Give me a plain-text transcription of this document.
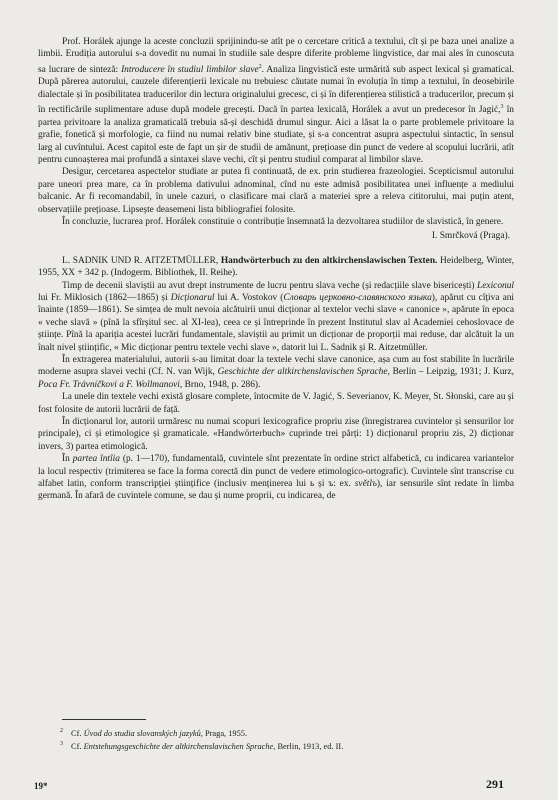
Prof. Horálek ajunge la aceste concluzii sprijinindu-se atît pe o cercetare critică a textului, cît și pe baza unei analize a limbii. Erudiția autorului s-a dovedit nu numai în studiile sale despre diferite probleme lingvistice, dar mai ales în cunoscuta sa lucrare de sinteză: Introducere în studiul limbilor slave$^2$. Analiza lingvistică este urmărită sub aspect lexical și gramatical. După părerea autorului, cauzele diferențierii lexicale nu trebuiesc căutate numai în evoluția în timp a textului, în deosebirile dialectale și în posibilitatea traducerilor din lectura originalului grecesc, ci și în diferențierea stilistică a traducerilor, precum și în rectificările suplimentare aduse după modele grecești. Dacă în partea lexicală, Horálek a avut un predecesor în Jagić,$^3$ în partea privitoare la analiza gramaticală trebuia să-și deschidă drumul singur. Aici a lăsat la o parte problemele privitoare la grafie, fonetică și morfologie, ca fiind nu numai relativ bine studiate, și s-a concentrat asupra aspectului sintactic, în sensul larg al cuvîntului. Acest capitol este de fapt un șir de studii de amănunt, prețioase din punct de vedere al scopului lucrării, atît pentru cunoașterea mai profundă a sintaxei slave vechi, cît și pentru studiul comparat al limbilor slave.

Desigur, cercetarea aspectelor studiate ar putea fi continuată, de ex. prin studierea frazeologiei. Scepticismul autorului pare uneori prea mare, ca în problema dativului adnominal, cînd nu este admisă posibilitatea unei influențe a mediului balcanic. Ar fi recomandabil, în unele cazuri, o clasificare mai clară a materiei spre a releva cititorului, mai puțin atent, observațiile prețioase. Lipsește deasemeni lista bibliografiei folosite.

În concluzie, lucrarea prof. Horálek constituie o contribuție însemnată la dezvoltarea studiilor de slavistică, în genere.

I. Smrčková (Praga).

L. SADNIK UND R. AITZETMÜLLER, Handwörterbuch zu den altkirchenslawischen Texten. Heidelberg, Winter, 1955, XX + 342 p. (Indogerm. Bibliothek, II. Reihe).

Timp de decenii slaviștii au avut drept instrumente de lucru pentru slava veche (și redacțiile slave bisericești) Lexiconul lui Fr. Miklosich (1862—1865) și Dicționarul lui A. Vostokov (Словарь церковно-славянского языка), apărut cu cîțiva ani înainte (1859—1861). Se simțea de mult nevoia alcătuirii unui dicționar al textelor vechi slave « canonice », apărute în epoca « veche slavă » (pînă la sfîrșitul sec. al XI-lea), ceea ce și întreprinde în prezent Institutul slav al Academiei cehoslovace de științe. Pînă la apariția acestei lucrări fundamentale, slaviștii au primit un dicționar de proporții mai reduse, dar alcătuit la un înalt nivel științific, « Mic dicționar pentru textele vechi slave », datorit lui L. Sadnik și R. Aitzetmüller.

În extragerea materialului, autorii s-au limitat doar la textele vechi slave canonice, așa cum au fost stabilite în lucrările moderne asupra slavei vechi (Cf. N. van Wijk, Geschichte der altkirchenslavischen Sprache, Berlin – Leipzig, 1931; J. Kurz, Poca Fr. Trávníčkovi a F. Wollmanovi, Brno, 1948, p. 286).

La unele din textele vechi există glosare complete, întocmite de V. Jagić, S. Severianov, K. Meyer, St. Słonski, care au și fost folosite de autorii lucrării de față.

În dicționarul lor, autorii urmăresc nu numai scopuri lexicografice propriu zise (înregistrarea cuvintelor și sensurilor lor principale), ci și etimologice și gramaticale. «Handwörterbuch» cuprinde trei părți: 1) dicționarul propriu zis, 2) dicționar invers, 3) partea etimologică.

În partea întîia (p. 1—170), fundamentală, cuvintele sînt prezentate în ordine strict alfabetică, cu indicarea variantelor la locul respectiv (trimiterea se face la forma corectă din punct de vedere etimologico-ortografic). Cuvintele sînt transcrise cu alfabet latin, conform transcripției științifice (inclusiv menținerea lui ь și ъ: ex. světlъ), iar sensurile sînt redate în limba germană. În afară de cuvintele comune, se dau și nume proprii, cu indicarea, de

$^2$ Cf. Úvod do studia slovanských jazyků, Praga, 1955.
$^3$ Cf. Entstehungsgeschichte der altkirchenslavischen Sprache, Berlin, 1913, ed. II.
19*	291
